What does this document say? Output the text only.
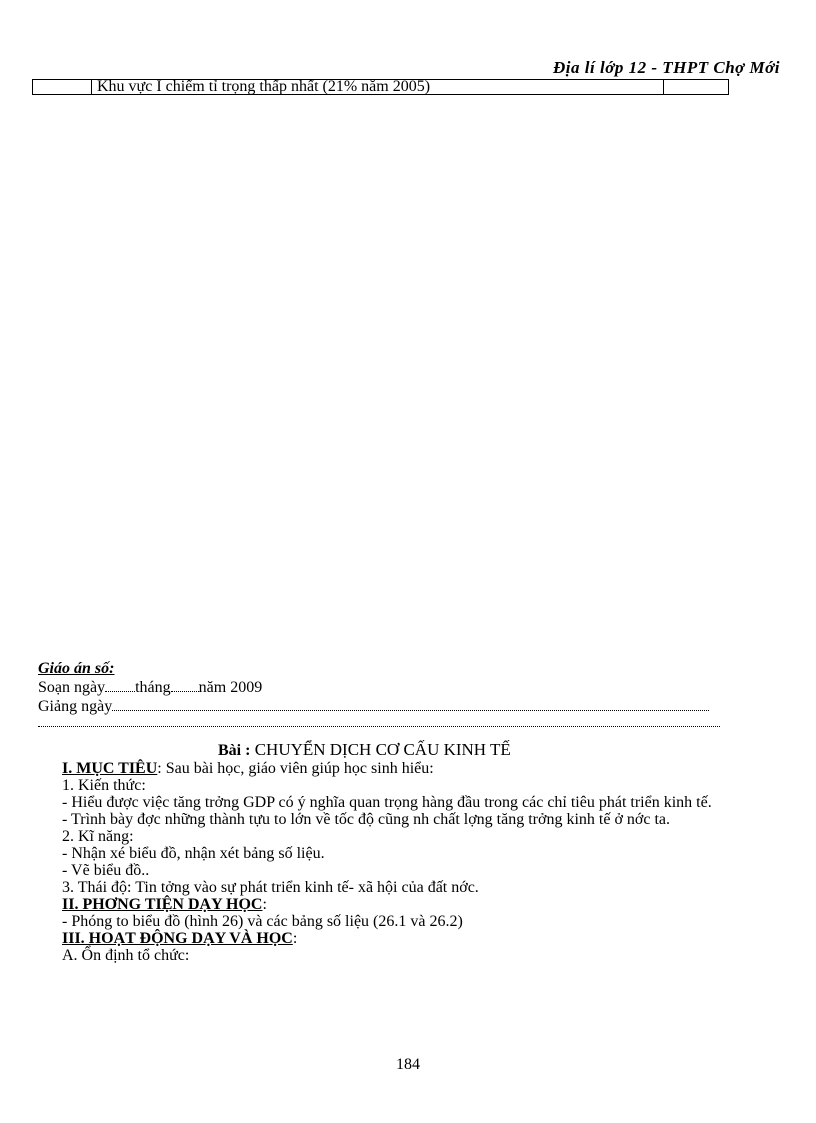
Địa lí lớp 12 - THPT Chợ Mới
Khu vực I chiếm tỉ trọng thấp nhất (21% năm 2005)
Giáo án số:
Soạn ngày tháng năm 2009
Giảng ngày
Bài : CHUYỂN DỊCH CƠ CẤU KINH TẾ

I. MỤC TIÊU: Sau bài học, giáo viên giúp học sinh hiểu:

1. Kiến thức:

- Hiểu được việc tăng trởng GDP có ý nghĩa quan trọng hàng đầu trong các chỉ tiêu phát triển kinh tế.

- Trình bày đợc những thành tựu to lớn về tốc độ cũng nh chất lợng tăng trởng kinh tế ở nớc ta.

2. Kĩ năng:

- Nhận xé biểu đồ, nhận xét bảng số liệu.

- Vẽ biểu đồ..

3. Thái độ: Tin tởng vào sự phát triển kinh tế- xã hội của đất nớc.

II. PHƠNG TIỆN DẠY HỌC:

- Phóng to biểu đồ (hình 26) và các bảng số liệu (26.1 và 26.2)

III. HOẠT ĐỘNG DẠY VÀ HỌC:

A. Ổn định tổ chức:

184
